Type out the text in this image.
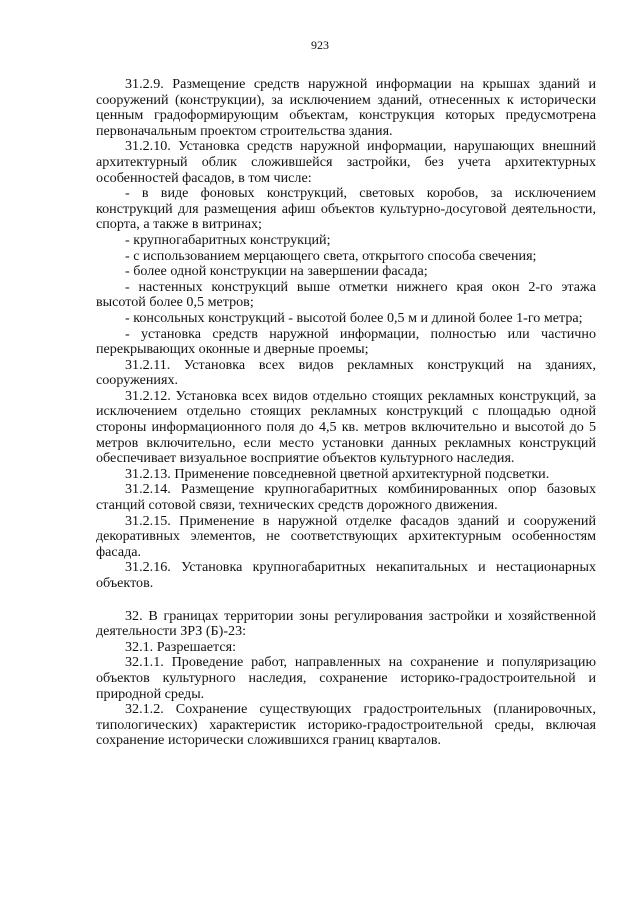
923

31.2.9. Размещение средств наружной информации на крышах зданий и сооружений (конструкции), за исключением зданий, отнесенных к исторически ценным градоформирующим объектам, конструкция которых предусмотрена первоначальным проектом строительства здания.

31.2.10. Установка средств наружной информации, нарушающих внешний архитектурный облик сложившейся застройки, без учета архитектурных особенностей фасадов, в том числе:

- в виде фоновых конструкций, световых коробов, за исключением конструкций для размещения афиш объектов культурно-досуговой деятельности, спорта, а также в витринах;

- крупногабаритных конструкций;

- с использованием мерцающего света, открытого способа свечения;

- более одной конструкции на завершении фасада;

- настенных конструкций выше отметки нижнего края окон 2-го этажа высотой более 0,5 метров;

- консольных конструкций - высотой более 0,5 м и длиной более 1-го метра;

- установка средств наружной информации, полностью или частично перекрывающих оконные и дверные проемы;

31.2.11. Установка всех видов рекламных конструкций на зданиях, сооружениях.

31.2.12. Установка всех видов отдельно стоящих рекламных конструкций, за исключением отдельно стоящих рекламных конструкций с площадью одной стороны информационного поля до 4,5 кв. метров включительно и высотой до 5 метров включительно, если место установки данных рекламных конструкций обеспечивает визуальное восприятие объектов культурного наследия.

31.2.13. Применение повседневной цветной архитектурной подсветки.

31.2.14. Размещение крупногабаритных комбинированных опор базовых станций сотовой связи, технических средств дорожного движения.

31.2.15. Применение в наружной отделке фасадов зданий и сооружений декоративных элементов, не соответствующих архитектурным особенностям фасада.

31.2.16. Установка крупногабаритных некапитальных и нестационарных объектов.

32. В границах территории зоны регулирования застройки и хозяйственной деятельности ЗРЗ (Б)-23:

32.1. Разрешается:

32.1.1. Проведение работ, направленных на сохранение и популяризацию объектов культурного наследия, сохранение историко-градостроительной и природной среды.

32.1.2. Сохранение существующих градостроительных (планировочных, типологических) характеристик историко-градостроительной среды, включая сохранение исторически сложившихся границ кварталов.
